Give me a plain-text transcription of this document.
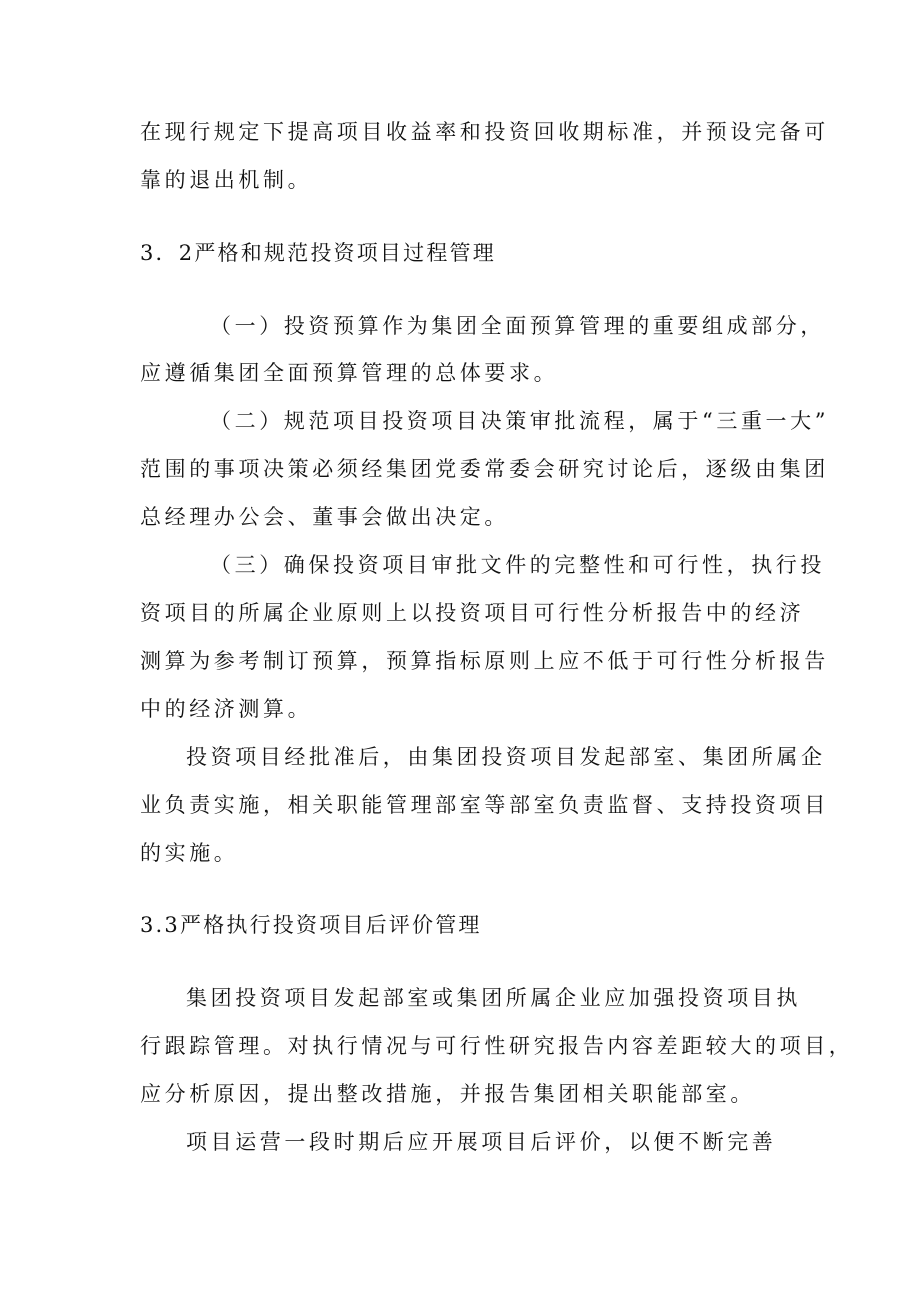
在现行规定下提高项目收益率和投资回收期标准，并预设完备可
靠的退出机制。
3．2严格和规范投资项目过程管理
（一）投资预算作为集团全面预算管理的重要组成部分，
应遵循集团全面预算管理的总体要求。
（二）规范项目投资项目决策审批流程，属于“三重一大”
范围的事项决策必须经集团党委常委会研究讨论后，逐级由集团
总经理办公会、董事会做出决定。
（三）确保投资项目审批文件的完整性和可行性，执行投
资项目的所属企业原则上以投资项目可行性分析报告中的经济
测算为参考制订预算，预算指标原则上应不低于可行性分析报告
中的经济测算。
投资项目经批准后，由集团投资项目发起部室、集团所属企
业负责实施，相关职能管理部室等部室负责监督、支持投资项目
的实施。
3.3严格执行投资项目后评价管理
集团投资项目发起部室或集团所属企业应加强投资项目执
行跟踪管理。对执行情况与可行性研究报告内容差距较大的项目，
应分析原因，提出整改措施，并报告集团相关职能部室。
项目运营一段时期后应开展项目后评价，以便不断完善
